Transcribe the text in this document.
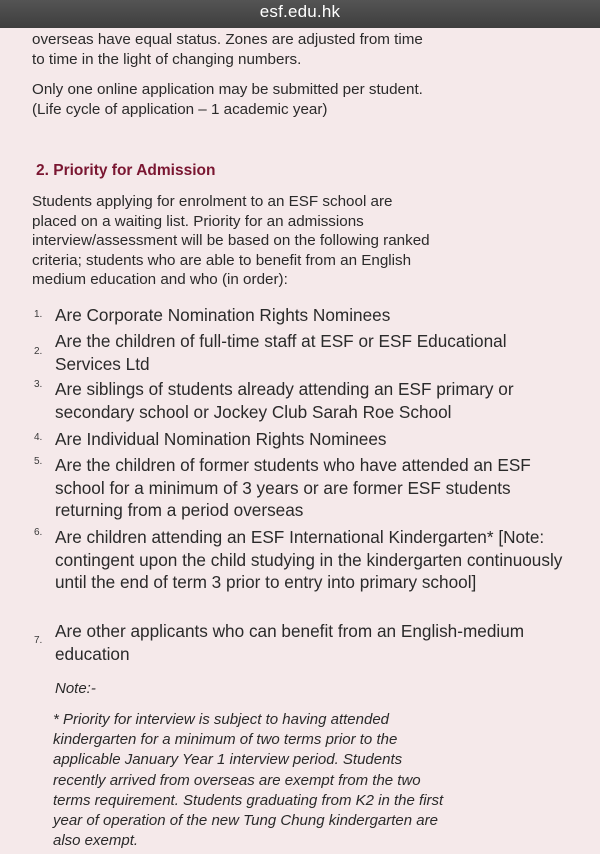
esf.edu.hk

overseas have equal status. Zones are adjusted from time to time in the light of changing numbers.

Only one online application may be submitted per student. (Life cycle of application – 1 academic year)

2. Priority for Admission

Students applying for enrolment to an ESF school are placed on a waiting list. Priority for an admissions interview/assessment will be based on the following ranked criteria; students who are able to benefit from an English medium education and who (in order):

1. Are Corporate Nomination Rights Nominees
2.
Are the children of full-time staff at ESF or ESF Educational Services Ltd
3. Are siblings of students already attending an ESF primary or secondary school or Jockey Club Sarah Roe School
4. Are Individual Nomination Rights Nominees
5. Are the children of former students who have attended an ESF school for a minimum of 3 years or are former ESF students returning from a period overseas
6. Are children attending an ESF International Kindergarten* [Note: contingent upon the child studying in the kindergarten continuously until the end of term 3 prior to entry into primary school]
7. Are other applicants who can benefit from an English-medium education

Note:-

* Priority for interview is subject to having attended kindergarten for a minimum of two terms prior to the applicable January Year 1 interview period. Students recently arrived from overseas are exempt from the two terms requirement. Students graduating from K2 in the first year of operation of the new Tung Chung kindergarten are also exempt.
